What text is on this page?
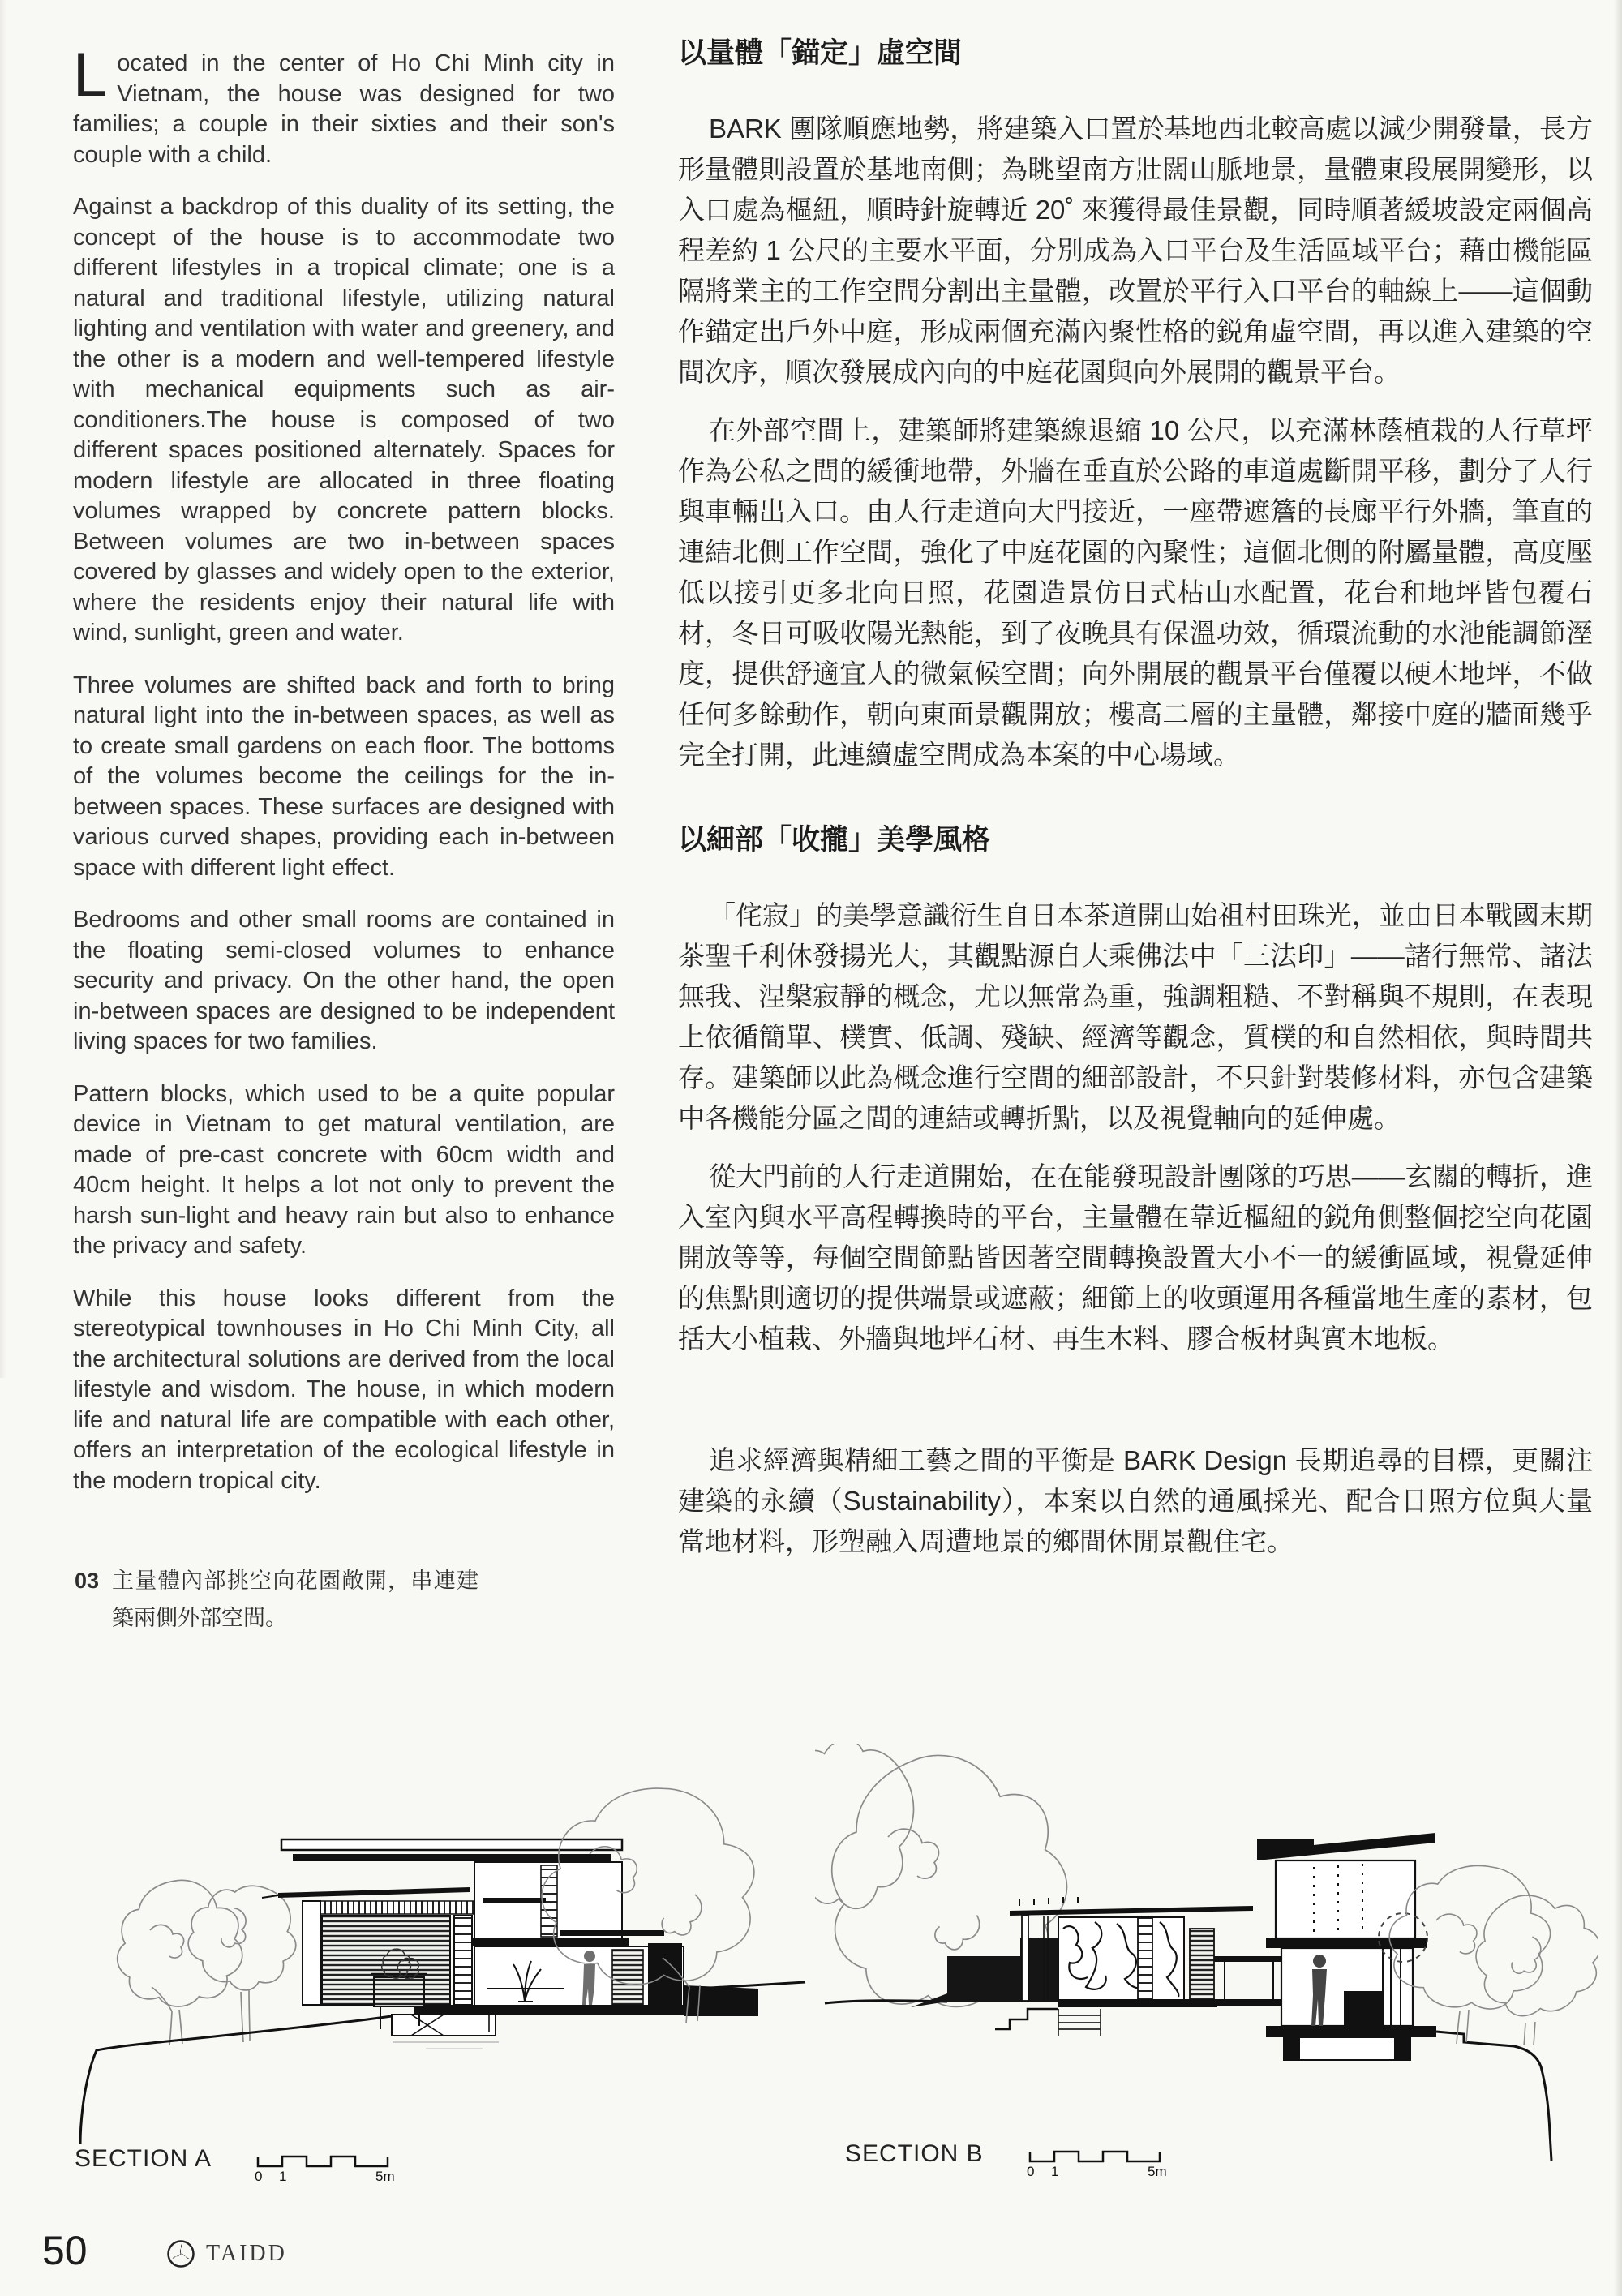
Located in the center of Ho Chi Minh city in Vietnam, the house was designed for two families; a couple in their sixties and their son's couple with a child.

Against a backdrop of this duality of its setting, the concept of the house is to accommodate two different lifestyles in a tropical climate; one is a natural and traditional lifestyle, utilizing natural lighting and ventilation with water and greenery, and the other is a modern and well-tempered lifestyle with mechanical equipments such as air-conditioners.The house is composed of two different spaces positioned alternately. Spaces for modern lifestyle are allocated in three floating volumes wrapped by concrete pattern blocks. Between volumes are two in-between spaces covered by glasses and widely open to the exterior, where the residents enjoy their natural life with wind, sunlight, green and water.

Three volumes are shifted back and forth to bring natural light into the in-between spaces, as well as to create small gardens on each floor. The bottoms of the volumes become the ceilings for the in-between spaces. These surfaces are designed with various curved shapes, providing each in-between space with different light effect.

Bedrooms and other small rooms are contained in the floating semi-closed volumes to enhance security and privacy. On the other hand, the open in-between spaces are designed to be independent living spaces for two families.

Pattern blocks, which used to be a quite popular device in Vietnam to get matural ventilation, are made of pre-cast concrete with 60cm width and 40cm height. It helps a lot not only to prevent the harsh sun-light and heavy rain but also to enhance the privacy and safety.

While this house looks different from the stereotypical townhouses in Ho Chi Minh City, all the architectural solutions are derived from the local lifestyle and wisdom. The house, in which modern life and natural life are compatible with each other, offers an interpretation of the ecological lifestyle in the modern tropical city.

03 主量體內部挑空向花園敞開，串連建築兩側外部空間。
以量體「錨定」虛空間

BARK 團隊順應地勢，將建築入口置於基地西北較高處以減少開發量，長方形量體則設置於基地南側；為眺望南方壯闊山脈地景，量體東段展開變形，以入口處為樞紐，順時針旋轉近 20˚ 來獲得最佳景觀，同時順著緩坡設定兩個高程差約 1 公尺的主要水平面，分別成為入口平台及生活區域平台；藉由機能區隔將業主的工作空間分割出主量體，改置於平行入口平台的軸線上——這個動作錨定出戶外中庭，形成兩個充滿內聚性格的鋭角虛空間，再以進入建築的空間次序，順次發展成內向的中庭花園與向外展開的觀景平台。

在外部空間上，建築師將建築線退縮 10 公尺，以充滿林蔭植栽的人行草坪作為公私之間的緩衝地帶，外牆在垂直於公路的車道處斷開平移，劃分了人行與車輛出入口。由人行走道向大門接近，一座帶遮簷的長廊平行外牆，筆直的連結北側工作空間，強化了中庭花園的內聚性；這個北側的附屬量體，高度壓低以接引更多北向日照，花園造景仿日式枯山水配置，花台和地坪皆包覆石材，冬日可吸收陽光熱能，到了夜晚具有保溫功效，循環流動的水池能調節溼度，提供舒適宜人的微氣候空間；向外開展的觀景平台僅覆以硬木地坪，不做任何多餘動作，朝向東面景觀開放；樓高二層的主量體，鄰接中庭的牆面幾乎完全打開，此連續虛空間成為本案的中心場域。

以細部「收攏」美學風格

「侘寂」的美學意識衍生自日本茶道開山始祖村田珠光，並由日本戰國末期茶聖千利休發揚光大，其觀點源自大乘佛法中「三法印」——諸行無常、諸法無我、涅槃寂靜的概念，尤以無常為重，強調粗糙、不對稱與不規則，在表現上依循簡單、樸實、低調、殘缺、經濟等觀念，質樸的和自然相依，與時間共存。建築師以此為概念進行空間的細部設計，不只針對裝修材料，亦包含建築中各機能分區之間的連結或轉折點，以及視覺軸向的延伸處。

從大門前的人行走道開始，在在能發現設計團隊的巧思——玄關的轉折，進入室內與水平高程轉換時的平台，主量體在靠近樞紐的鋭角側整個挖空向花園開放等等，每個空間節點皆因著空間轉換設置大小不一的緩衝區域，視覺延伸的焦點則適切的提供端景或遮蔽；細節上的收頭運用各種當地生產的素材，包括大小植栽、外牆與地坪石材、再生木料、膠合板材與實木地板。

追求經濟與精細工藝之間的平衡是 BARK Design 長期追尋的目標，更關注建築的永續（Sustainability），本案以自然的通風採光、配合日照方位與大量當地材料，形塑融入周遭地景的鄉間休閒景觀住宅。

SECTION A
0 1	5m
SECTION B
0 1	5m
50	TAIDD
